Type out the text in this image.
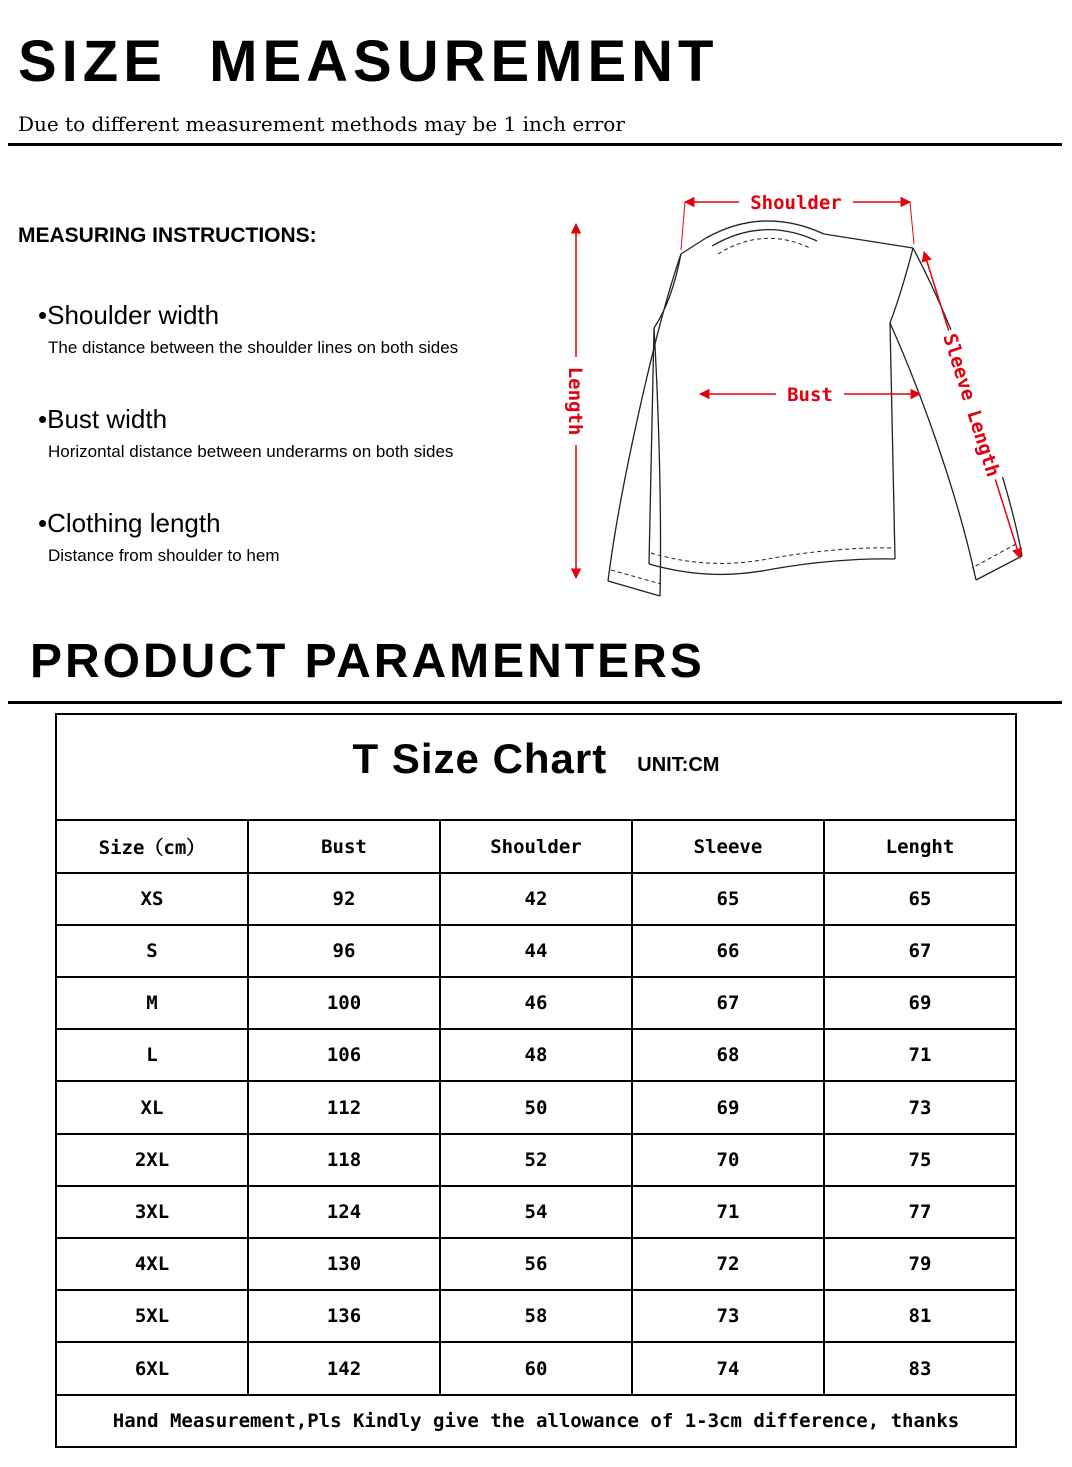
SIZE  MEASUREMENT
Due to different measurement methods may be 1 inch error
MEASURING INSTRUCTIONS:
•Shoulder width
The distance between the shoulder lines on both sides
•Bust width
Horizontal distance between underarms on both sides
•Clothing length
Distance from shoulder to hem
Shoulder
Length	Bust	Sleeve Length
PRODUCT PARAMENTERS
T Size Chart UNIT:CM				

Size（cm）	Bust	Shoulder	Sleeve	Lenght
XS	92	42	65	65
S	96	44	66	67
M	100	46	67	69
L	106	48	68	71
XL	112	50	69	73
2XL	118	52	70	75
3XL	124	54	71	77
4XL	130	56	72	79
5XL	136	58	73	81
6XL	142	60	74	83
Hand Measurement,Pls Kindly give the allowance of 1-3cm difference, thanks				
